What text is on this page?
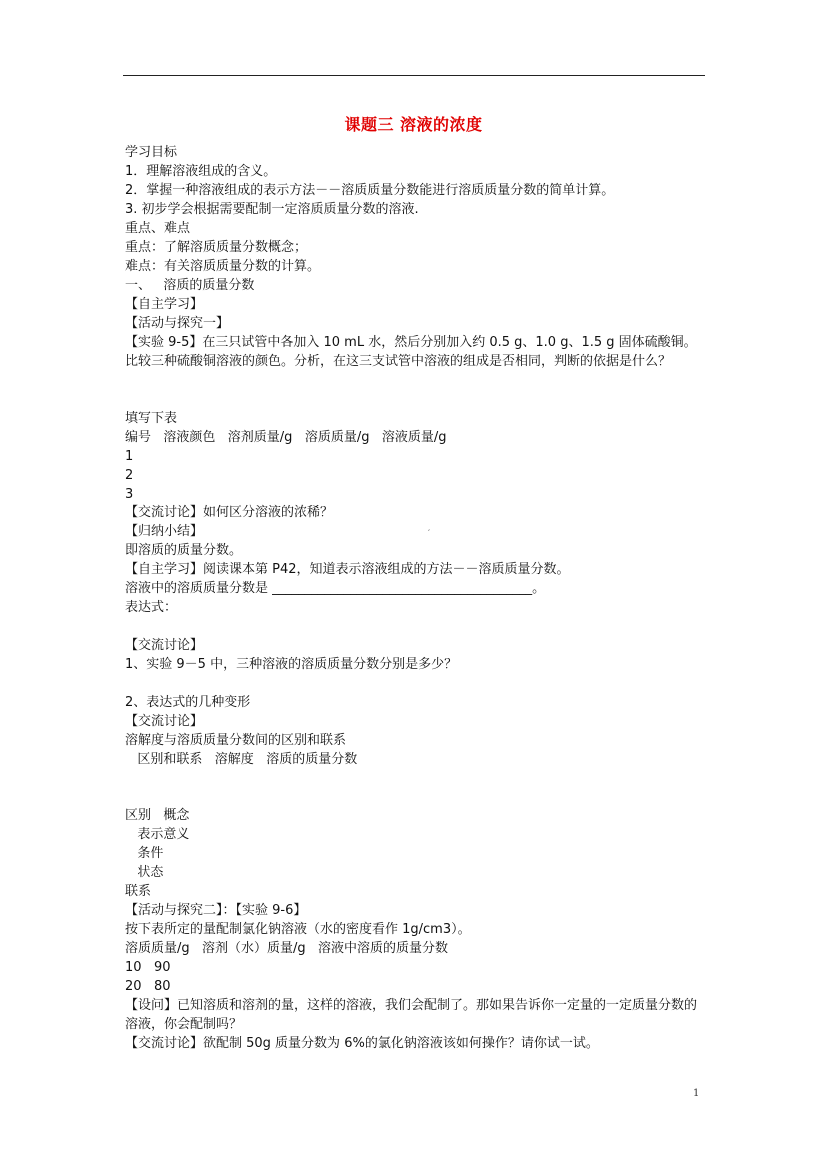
课题三 溶液的浓度
学习目标
1．理解溶液组成的含义。
2．掌握一种溶液组成的表示方法－－溶质质量分数能进行溶质质量分数的简单计算。
3. 初步学会根据需要配制一定溶质质量分数的溶液.
重点、难点
重点：了解溶质质量分数概念；
难点：有关溶质质量分数的计算。
一、   溶质的质量分数
【自主学习】
【活动与探究一】
【实验 9-5】在三只试管中各加入 10 mL 水，然后分别加入约 0.5 g、1.0 g、1.5 g 固体硫酸铜。比较三种硫酸铜溶液的颜色。分析，在这三支试管中溶液的组成是否相同，判断的依据是什么？
填写下表
编号   溶液颜色   溶剂质量/g   溶质质量/g   溶液质量/g
1
2
3
【交流讨论】如何区分溶液的浓稀？
【归纳小结】	′
即溶质的质量分数。
【自主学习】阅读课本第 P42，知道表示溶液组成的方法－－溶质质量分数。
溶液中的溶质质量分数是 ________________________________________。
表达式：
【交流讨论】
1、实验 9－5 中，三种溶液的溶质质量分数分别是多少？
2、表达式的几种变形
【交流讨论】
溶解度与溶质质量分数间的区别和联系
区别和联系   溶解度   溶质的质量分数
区别   概念
表示意义
条件
状态
联系
【活动与探究二】：【实验 9-6】
按下表所定的量配制氯化钠溶液（水的密度看作 1g/cm3）。
溶质质量/g   溶剂（水）质量/g   溶液中溶质的质量分数
10   90
20   80
【设问】已知溶质和溶剂的量，这样的溶液，我们会配制了。那如果告诉你一定量的一定质量分数的溶液，你会配制吗？
【交流讨论】欲配制 50g 质量分数为 6%的氯化钠溶液该如何操作？请你试一试。
1
